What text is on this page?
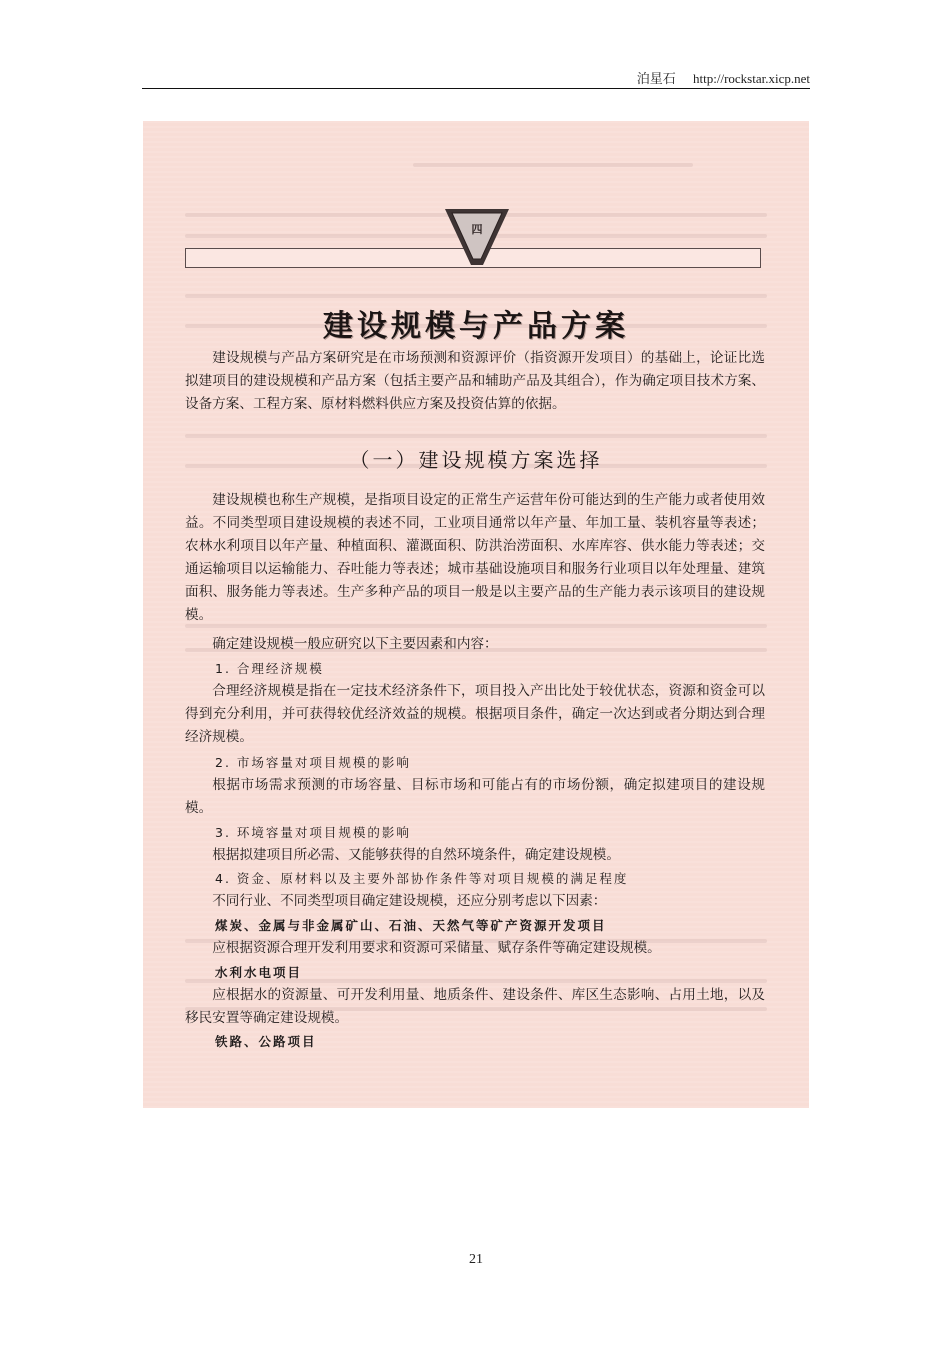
泊星石 http://rockstar.xicp.net
四
建设规模与产品方案

建设规模与产品方案研究是在市场预测和资源评价（指资源开发项目）的基础上，论证比选拟建项目的建设规模和产品方案（包括主要产品和辅助产品及其组合），作为确定项目技术方案、设备方案、工程方案、原材料燃料供应方案及投资估算的依据。

（一）建设规模方案选择

建设规模也称生产规模，是指项目设定的正常生产运营年份可能达到的生产能力或者使用效益。不同类型项目建设规模的表述不同，工业项目通常以年产量、年加工量、装机容量等表述；农林水利项目以年产量、种植面积、灌溉面积、防洪治涝面积、水库库容、供水能力等表述；交通运输项目以运输能力、吞吐能力等表述；城市基础设施项目和服务行业项目以年处理量、建筑面积、服务能力等表述。生产多种产品的项目一般是以主要产品的生产能力表示该项目的建设规模。

确定建设规模一般应研究以下主要因素和内容：

1. 合理经济规模

合理经济规模是指在一定技术经济条件下，项目投入产出比处于较优状态，资源和资金可以得到充分利用，并可获得较优经济效益的规模。根据项目条件，确定一次达到或者分期达到合理经济规模。

2. 市场容量对项目规模的影响

根据市场需求预测的市场容量、目标市场和可能占有的市场份额，确定拟建项目的建设规模。

3. 环境容量对项目规模的影响

根据拟建项目所必需、又能够获得的自然环境条件，确定建设规模。

4. 资金、原材料以及主要外部协作条件等对项目规模的满足程度

不同行业、不同类型项目确定建设规模，还应分别考虑以下因素：

煤炭、金属与非金属矿山、石油、天然气等矿产资源开发项目

应根据资源合理开发利用要求和资源可采储量、赋存条件等确定建设规模。

水利水电项目

应根据水的资源量、可开发利用量、地质条件、建设条件、库区生态影响、占用土地，以及移民安置等确定建设规模。

铁路、公路项目
21
